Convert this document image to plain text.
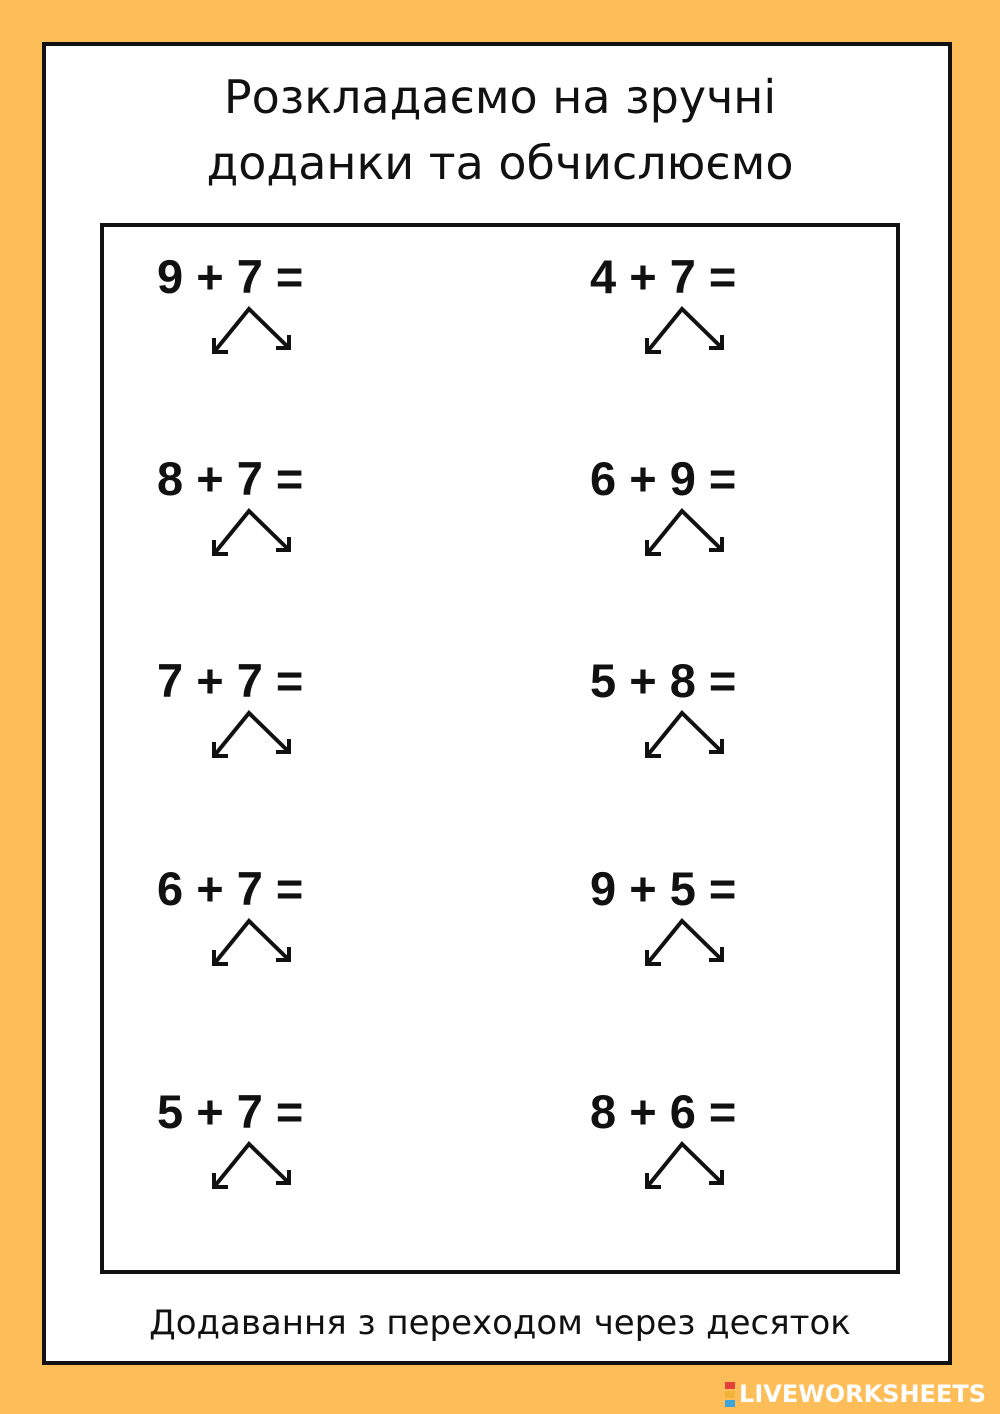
Розкладаємо на зручні
доданки та обчислюємо
9 + 7 =
8 + 7 =
7 + 7 =
6 + 7 =
5 + 7 =
4 + 7 =
6 + 9 =
5 + 8 =
9 + 5 =
8 + 6 =
Додавання з переходом через десяток
LIVEWORKSHEETS
